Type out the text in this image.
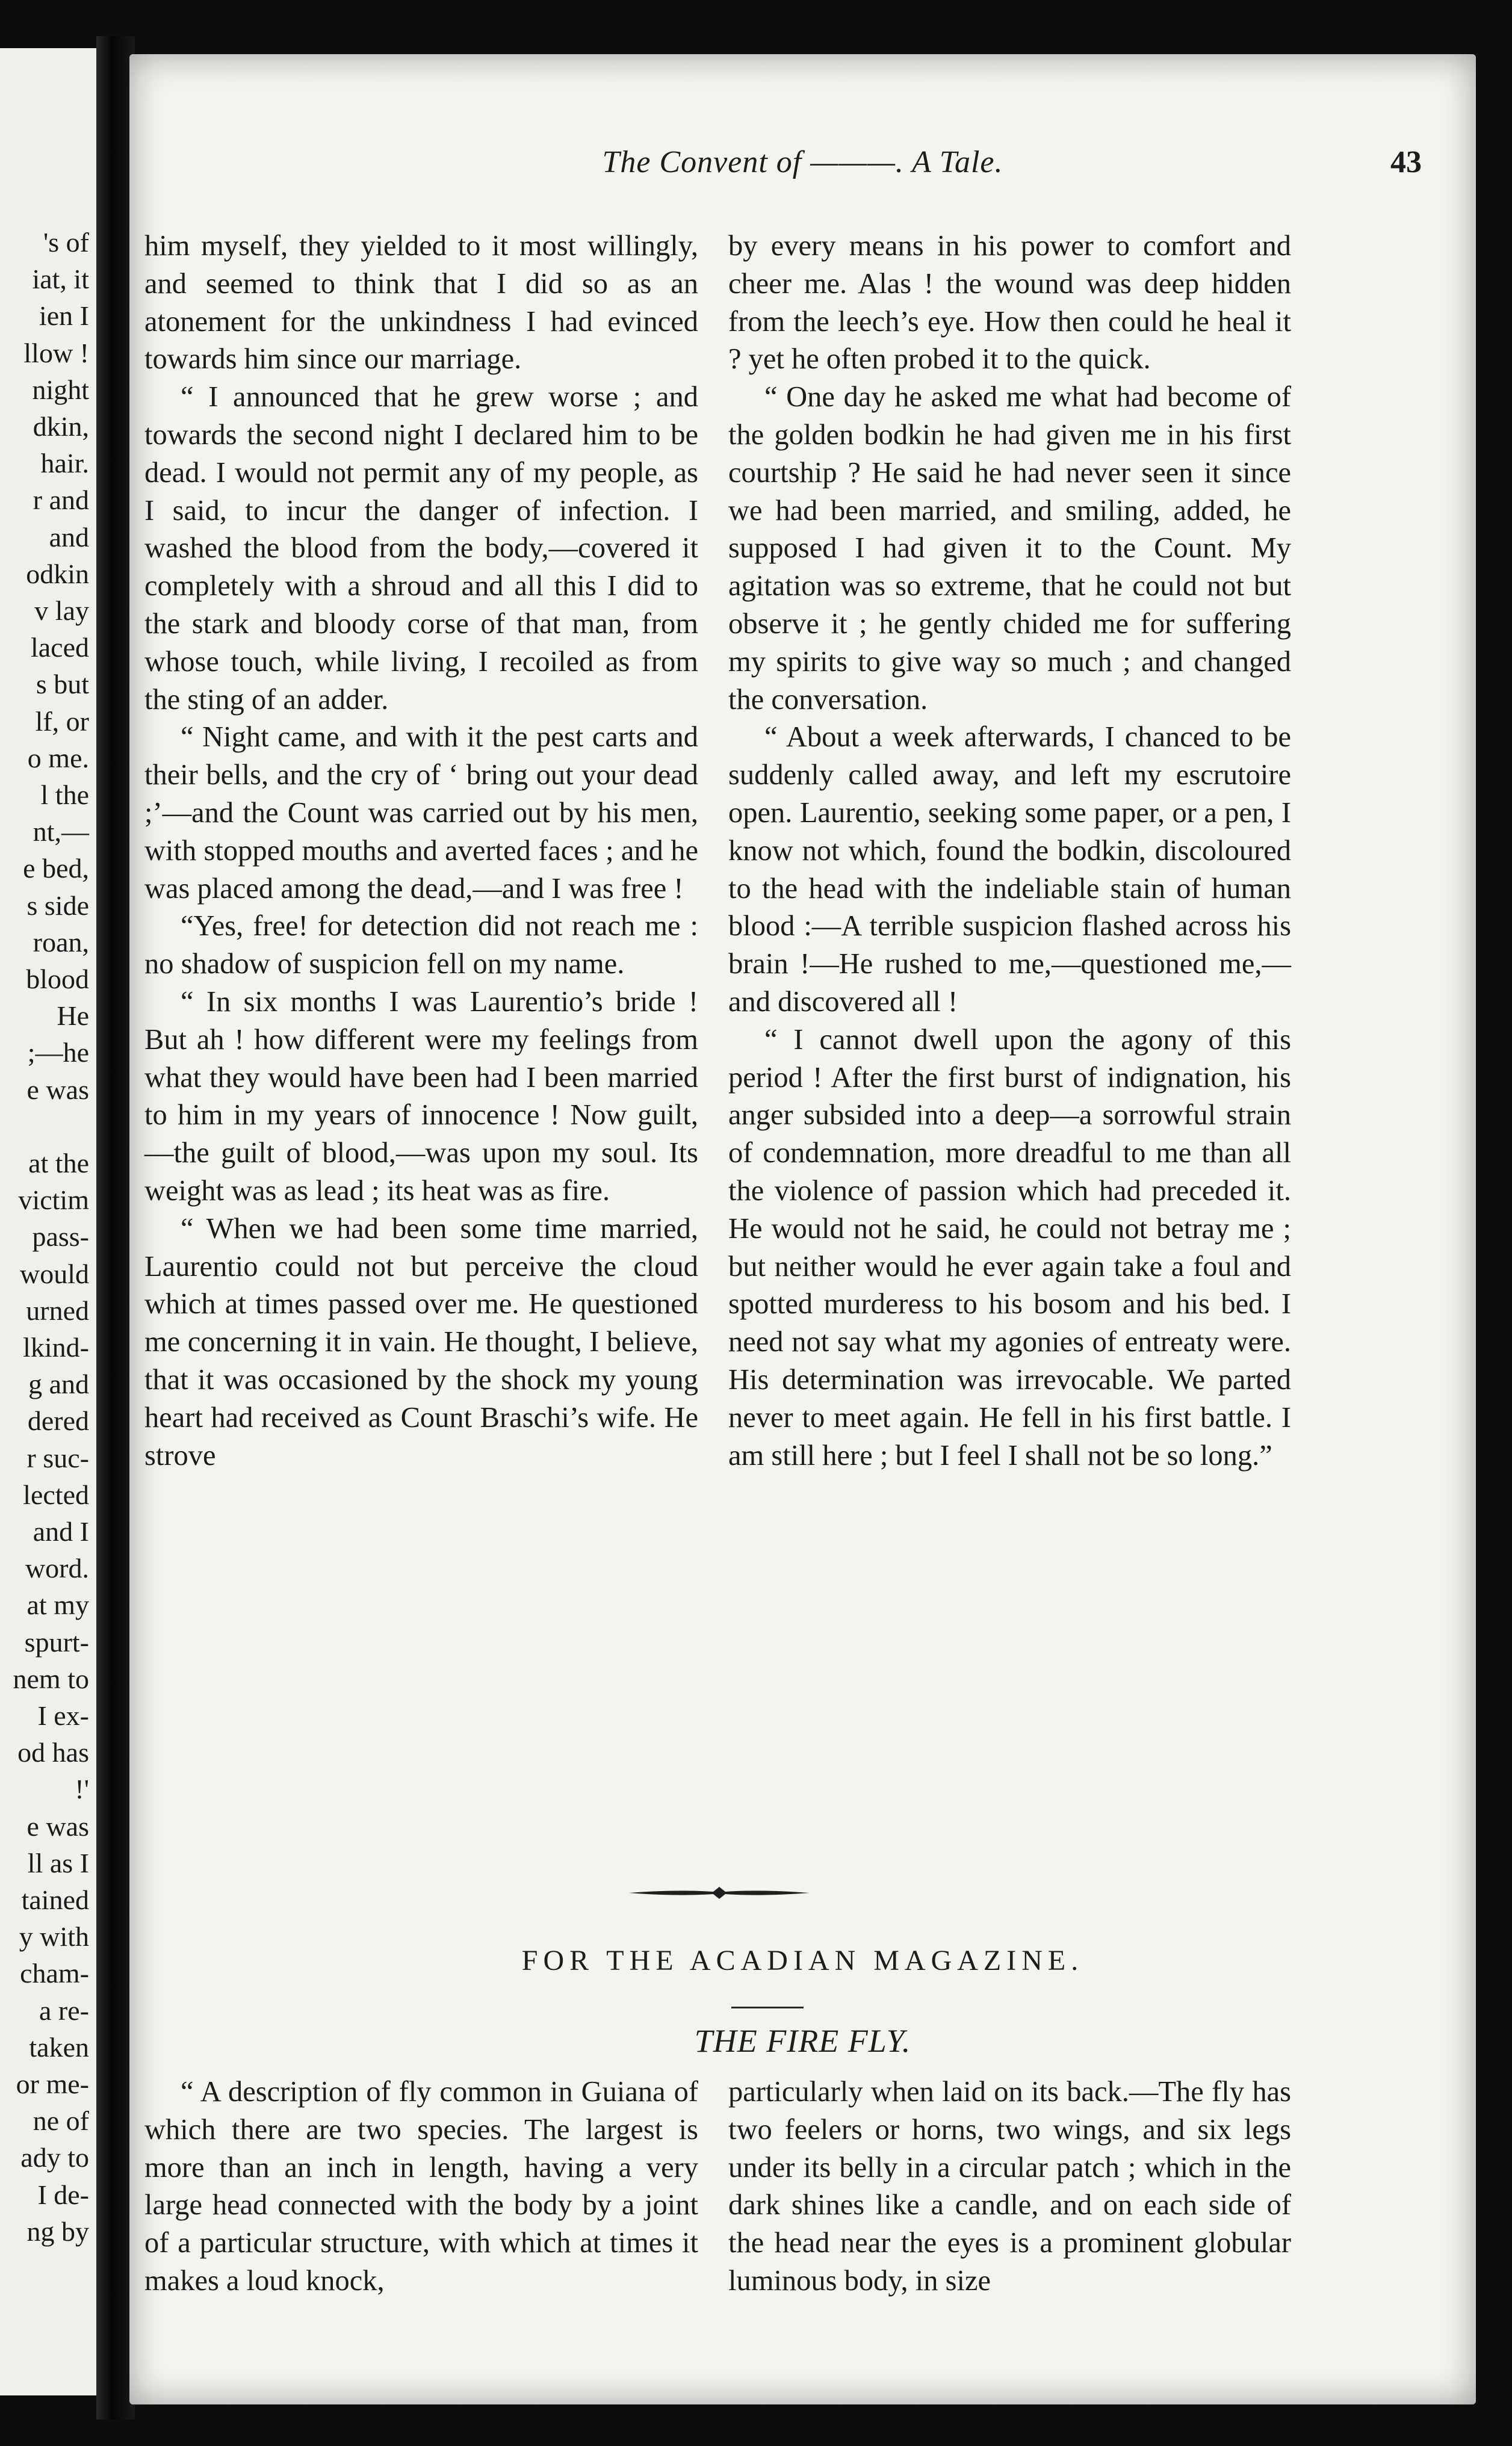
's of
iat, it
ien I
llow !
night
dkin,
hair.
r and
and
odkin
v lay
laced
s but
lf, or
o me.
l the
nt,—
e bed,
s side
roan,
blood
He
;—he
e was
at the
victim
pass-
would
urned
lkind-
g and
dered
r suc-
lected
and I
word.
at my
spurt-
nem to
I ex-
od has
!'
e was
ll as I
tained
y with
cham-
a re-
taken
or me-
ne of
ady to
I de-
ng by
The Convent of ———. A Tale.	43

him myself, they yielded to it most willingly, and seemed to think that I did so as an atonement for the unkindness I had evinced towards him since our marriage.

“ I announced that he grew worse ; and towards the second night I declared him to be dead. I would not permit any of my people, as I said, to incur the danger of infection. I washed the blood from the body,—covered it completely with a shroud and all this I did to the stark and bloody corse of that man, from whose touch, while living, I recoiled as from the sting of an adder.

“ Night came, and with it the pest carts and their bells, and the cry of ‘ bring out your dead ;’—and the Count was carried out by his men, with stopped mouths and averted faces ; and he was placed among the dead,—and I was free !

“Yes, free! for detection did not reach me : no shadow of suspicion fell on my name.

“ In six months I was Laurentio’s bride ! But ah ! how different were my feelings from what they would have been had I been married to him in my years of innocence ! Now guilt,—the guilt of blood,—was upon my soul. Its weight was as lead ; its heat was as fire.

“ When we had been some time married, Laurentio could not but perceive the cloud which at times passed over me. He questioned me concerning it in vain. He thought, I believe, that it was occasioned by the shock my young heart had received as Count Braschi’s wife. He strove

by every means in his power to comfort and cheer me. Alas ! the wound was deep hidden from the leech’s eye. How then could he heal it ? yet he often probed it to the quick.

“ One day he asked me what had become of the golden bodkin he had given me in his first courtship ? He said he had never seen it since we had been married, and smiling, added, he supposed I had given it to the Count. My agitation was so extreme, that he could not but observe it ; he gently chided me for suffering my spirits to give way so much ; and changed the conversation.

“ About a week afterwards, I chanced to be suddenly called away, and left my escrutoire open. Laurentio, seeking some paper, or a pen, I know not which, found the bodkin, discoloured to the head with the indeliable stain of human blood :—A terrible suspicion flashed across his brain !—He rushed to me,—questioned me,—and discovered all !

“ I cannot dwell upon the agony of this period ! After the first burst of indignation, his anger subsided into a deep—a sorrowful strain of condemnation, more dreadful to me than all the violence of passion which had preceded it. He would not he said, he could not betray me ; but neither would he ever again take a foul and spotted murderess to his bosom and his bed. I need not say what my agonies of entreaty were. His determination was irrevocable. We parted never to meet again. He fell in his first battle. I am still here ; but I feel I shall not be so long.”

FOR THE ACADIAN MAGAZINE.
THE FIRE FLY.

“ A description of fly common in Guiana of which there are two species. The largest is more than an inch in length, having a very large head connected with the body by a joint of a particular structure, with which at times it makes a loud knock,

particularly when laid on its back.—The fly has two feelers or horns, two wings, and six legs under its belly in a circular patch ; which in the dark shines like a candle, and on each side of the head near the eyes is a prominent globular luminous body, in size
